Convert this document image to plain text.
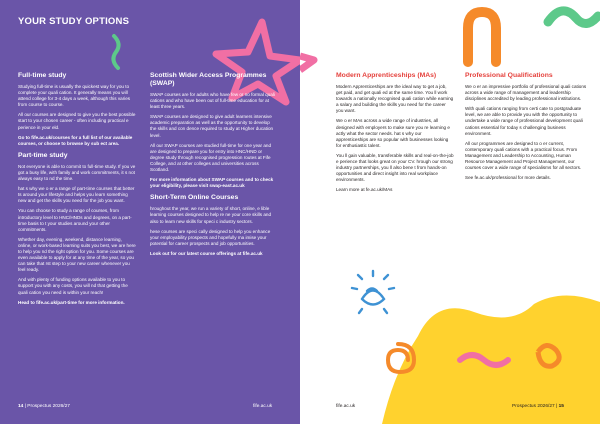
YOUR STUDY OPTIONS
Full-time study

Studying full-time is usually the quickest way for you to complete your quali cation. It generally means you will attend college for 3-4 days a week, although this varies from course to course.

All our courses are designed to give you the best possible start to your chosen career - often including practical e perience in your eld.

Go to fife.ac.uk/courses for a full list of our available courses, or choose to browse by sub ect area.

Part-time study

Not everyone is able to commit to full-time study. If you ve got a busy life, with family and work commitments, it s not always easy to nd the time.

hat s why we o er a range of part-time courses that better ts around your lifestyle and helps you learn something new and get the skills you need for the job you want.

You can choose to study a range of courses, from introductory level to HNC/HNDs and degrees, on a part-time basis to t your studies around your other commitments.

Whether day, evening, weekend, distance learning, online, or work-based learning suits you best, we are here to help you nd the right option for you. Some courses are even available to apply for at any time of the year, so you can take that rst step to your new career whenever you feel ready.

And with plenty of funding options available to you to support you with any costs, you will nd that getting the quali cation you need is within your reach!

Head to fife.ac.uk/part-time for more information.

Scottish Wider Access Programmes (SWAP)

SWAP courses are for adults who have few or no formal quali cations and who have been out of full-time education for at least three years.

SWAP courses are designed to give adult learners intensive academic preparation as well as the opportunity to develop the skills and con dence required to study at Higher ducation level.

All our SWAP courses are studied full-time for one year and are designed to prepare you for entry into HNC/HND or degree study through recognised progression routes at Fife College, and at other colleges and universities across Scotland.

For more information about SWAP courses and to check your eligibility, please visit swap-east.ac.uk

Short-Term Online Courses

hroughout the year, we run a variety of short, online, e lible learning courses designed to help re ne your core skills and also to learn new skills for speci c industry sectors.

hese courses are speci cally designed to help you enhance your employability prospects and hopefully ma imise your potential for career prospects and job opportunities.

Look out for our latest course offerings at fife.ac.uk

14 | Prospectus 2026/27	fife.ac.uk
Modern Apprenticeships (MAs)

Modern Apprenticeships are the ideal way to get a job, get paid, and get quali ed at the same time. You ll work towards a nationally recognised quali cation while earning a salary and building the skills you need for the career you want.

We o er MAs across a wide range of industries, all designed with employers to make sure you re learning e actly what the sector needs. hat s why our apprenticeships are so popular with businesses looking for enthusiastic talent.

You ll gain valuable, transferable skills and real-on-the-job e perience that looks great on your CV. hrough our strong industry partnerships, you ll also bene t from hands-on opportunities and direct insight into real workplace environments.

Learn more at fe.ac.uk/MAs

Professional Qualifications

We o er an impressive portfolio of professional quali cations across a wide range of management and leadership disciplines accredited by leading professional institutions.

With quali cations ranging from certi cate to postgraduate level, we are able to provide you with the opportunity to undertake a wide range of professional development quali cations essential for today s challenging business environment.

All our programmes are designed to o er current, contemporary quali cations with a practical focus. From Management and Leadership to Accounting, Human Resource Management and Project Management, our courses cover a wide range of specialisms for all sectors.

See fe.ac.uk/professional for more details.

fife.ac.uk	Prospectus 2026/27 | 15
